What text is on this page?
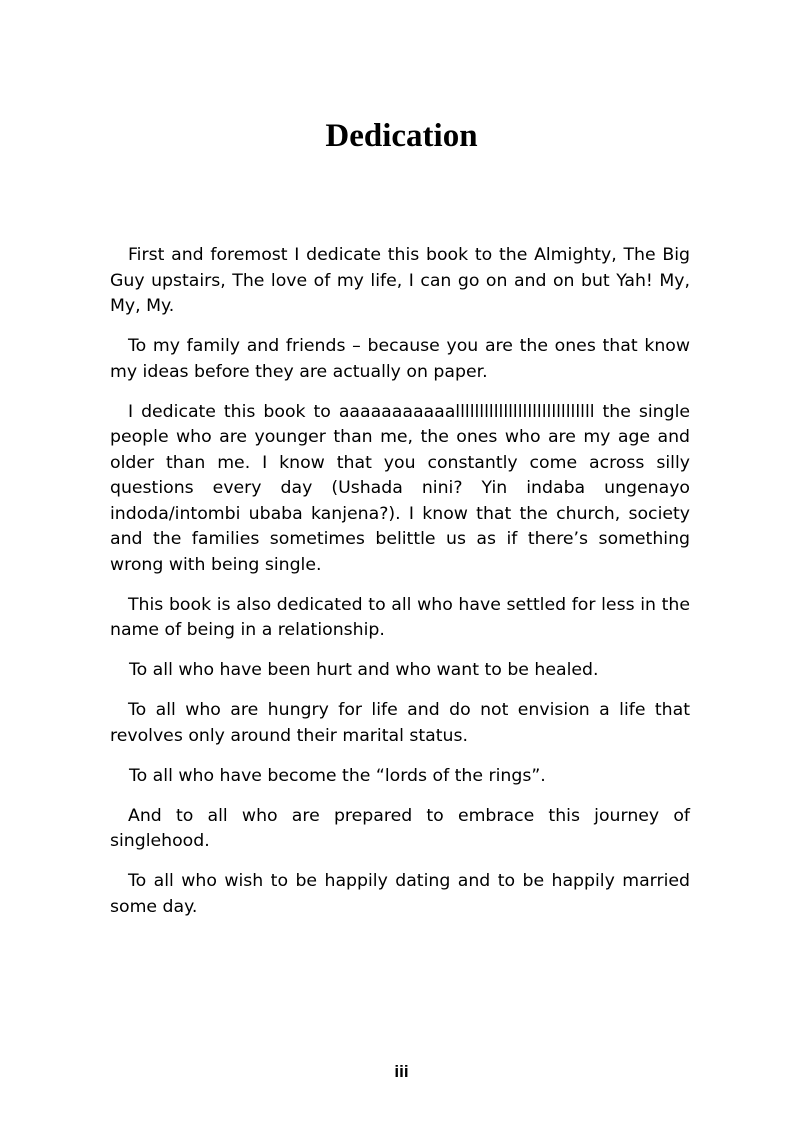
Dedication

First and foremost I dedicate this book to the Almighty, The Big Guy upstairs, The love of my life, I can go on and on but Yah! My, My, My.

To my family and friends – because you are the ones that know my ideas before they are actually on paper.

I dedicate this book to aaaaaaaaaaalllllllllllllllllllllllllllll the single people who are younger than me, the ones who are my age and older than me. I know that you constantly come across silly questions every day (Ushada nini? Yin indaba ungenayo indoda/intombi ubaba kanjena?). I know that the church, society and the families sometimes belittle us as if there’s something wrong with being single.

This book is also dedicated to all who have settled for less in the name of being in a relationship.

To all who have been hurt and who want to be healed.

To all who are hungry for life and do not envision a life that revolves only around their marital status.

To all who have become the “lords of the rings”.

And to all who are prepared to embrace this journey of singlehood.

To all who wish to be happily dating and to be happily married some day.

iii
